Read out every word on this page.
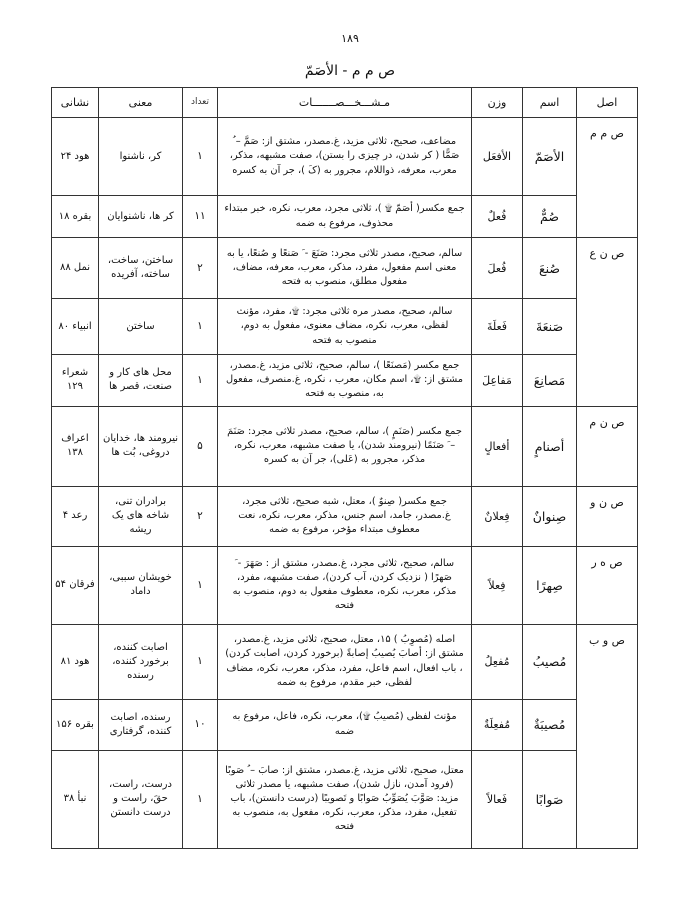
۱۸۹
ص م م - الأصَمّ
اصل	اسم	وزن	مـشـــخـــصـــــــات	تعداد	معنی	نشانی
ص م م	الأصَمّ	الأفعَل	مضاعف، صحیح، ثلاثی مزید، غ.مصدر، مشتق از: صَمَّ – ُ صَمًّا ( کر شدن، در چیزی را بستن)، صفت مشبهه، مذکر، معرب، معرفه، ذواللام، مجرور به (کَ )، جر آن به کسره	۱	کر، ناشنوا	هود ۲۴
	صُمٌّ	فُعلٌ	جمع مکسر( أصَمّ ۩ )، ثلاثی مجرد، معرب، نکره، خبر مبتداء محذوف، مرفوع به ضمه	۱۱	کر ها، ناشنوایان	بقره ۱۸
ص ن ع	صُنعَ	فُعلَ	سالم، صحیح، مصدر ثلاثی مجرد: صَنَعَ - َ صَنعًا و صُنعًا، یا به معنی اسم مفعول، مفرد، مذکر، معرب، معرفه، مضاف، مفعول مطلق، منصوب به فتحه	۲	ساختن، ساخت، ساخته، آفریده	نمل ۸۸
	صَنعَةَ	فَعلَةَ	سالم، صحیح، مصدر مره ثلاثی مجرد: ۩، مفرد، مؤنث لفظی، معرب، نکره، مضاف معنوی، مفعول به دوم، منصوب به فتحه	۱	ساختن	انبیاء ۸۰
	مَصانِعَ	مَفاعِلَ	جمع مکسر (مَصنَعًا )، سالم، صحیح، ثلاثی مزید، غ.مصدر، مشتق از: ۩، اسم مکان، معرب ، نکره، غ.منصرف، مفعول به، منصوب به فتحه	۱	محل های کار و صنعت، قصر ها	شعراء ۱۲۹
ص ن م	أصنامٍ	أفعالٍ	جمع مکسر (صَنَمٍ )، سالم، صحیح، مصدر ثلاثی مجرد: صَنَمَ – َ صَنَمًا (نیرومند شدن)، یا صفت مشبهه، معرب، نکره، مذکر، مجرور به (عَلی)، جر آن به کسره	۵	نیرومند ها، خدایان دروغی، بُت ها	اعراف ۱۳۸
ص ن و	صِنوانٌ	فِعلانٌ	جمع مکسر( صِنوٌ )، معتل، شبه صحیح، ثلاثی مجرد، غ.مصدر، جامد، اسم جنس، مذکر، معرب، نکره، نعت معطوف مبتداء مؤخر، مرفوع به ضمه	۲	برادران تنی، شاخه های یک ریشه	رعد ۴
ص ه ر	صِهرًا	فِعلاً	سالم، صحیح، ثلاثی مجرد، غ.مصدر، مشتق از : صَهَرَ - َ صَهرًا ( نزدیک کردن، آب کردن)، صفت مشبهه، مفرد، مذکر، معرب، نکره، معطوف مفعول به دوم، منصوب به فتحه	۱	خویشان سببی، داماد	فرقان ۵۴
ص و ب	مُصیبُ	مُفعِلُ	اصله (مُصوِبُ ) ۱۵، معتل، صحیح، ثلاثی مزید، غ.مصدر، مشتق از: أصابَ یُصیبُ إصابةً (برخورد کردن، اصابت کردن) ، باب افعال، اسم فاعل، مفرد، مذکر، معرب، نکره، مضاف لفظی، خبر مقدم، مرفوع به ضمه	۱	اصابت کننده، برخورد کننده، رسنده	هود ۸۱
	مُصیبَةٌ	مُفعِلَةٌ	مؤنث لفظی (مُصیبُ ۩)، معرب، نکره، فاعل، مرفوع به ضمه	۱۰	رسنده، اصابت کننده، گرفتاری	بقره ۱۵۶
	صَوابًا	فَعالاً	معتل، صحیح، ثلاثی مزید، غ.مصدر، مشتق از: صابَ – ُ صَوبًا (فرود آمدن، نازل شدن)، صفت مشبهه، یا مصدر ثلاثی مزید: صَوَّبَ یُصَوِّبُ صَوابًا و تَصویبًا (درست دانستن)، باب تفعیل، مفرد، مذکر، معرب، نکره، مفعول به، منصوب به فتحه	۱	درست، راست، حقَ، راست و درست دانستن	نبأ ۳۸
